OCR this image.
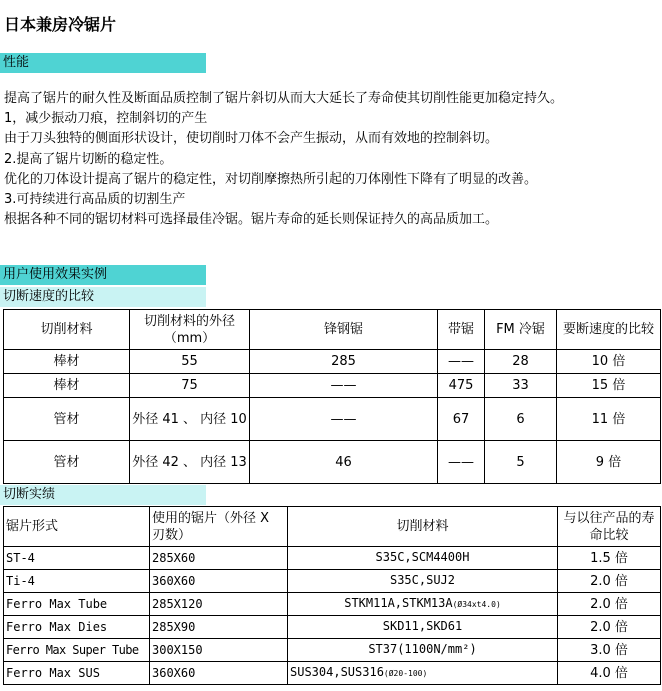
日本兼房冷锯片
性能
提高了锯片的耐久性及断面品质控制了锯片斜切从而大大延长了寿命使其切削性能更加稳定持久。
1，减少振动刀痕，控制斜切的产生
由于刀头独特的侧面形状设计，使切削时刀体不会产生振动，从而有效地的控制斜切。
2.提高了锯片切断的稳定性。
优化的刀体设计提高了锯片的稳定性，对切削摩擦热所引起的刀体刚性下降有了明显的改善。
3.可持续进行高品质的切割生产
根据各种不同的锯切材料可选择最佳冷锯。锯片寿命的延长则保证持久的高品质加工。
用户使用效果实例
切断速度的比较
切削材料	切削材料的外径（mm）	锋钢锯	带锯	FM 冷锯	要断速度的比较
棒材	55	285	——	28	10 倍
棒材	75	——	475	33	15 倍
管材	外径 41 、 内径 10	——	67	6	11 倍
管材	外径 42 、 内径 13	46	——	5	9 倍
切断实绩
锯片形式	使用的锯片（外径 X 刃数）	切削材料	与以往产品的寿命比较
ST-4	285X60	S35C,SCM4400H	1.5 倍
Ti-4	360X60	S35C,SUJ2	2.0 倍
Ferro Max Tube	285X120	STKM11A,STKM13A(Ø34xt4.0)	2.0 倍
Ferro Max Dies	285X90	SKD11,SKD61	2.0 倍
Ferro Max Super Tube	300X150	ST37(1100N/mm²)	3.0 倍
Ferro Max SUS	360X60	SUS304,SUS316(Ø20-100)	4.0 倍
